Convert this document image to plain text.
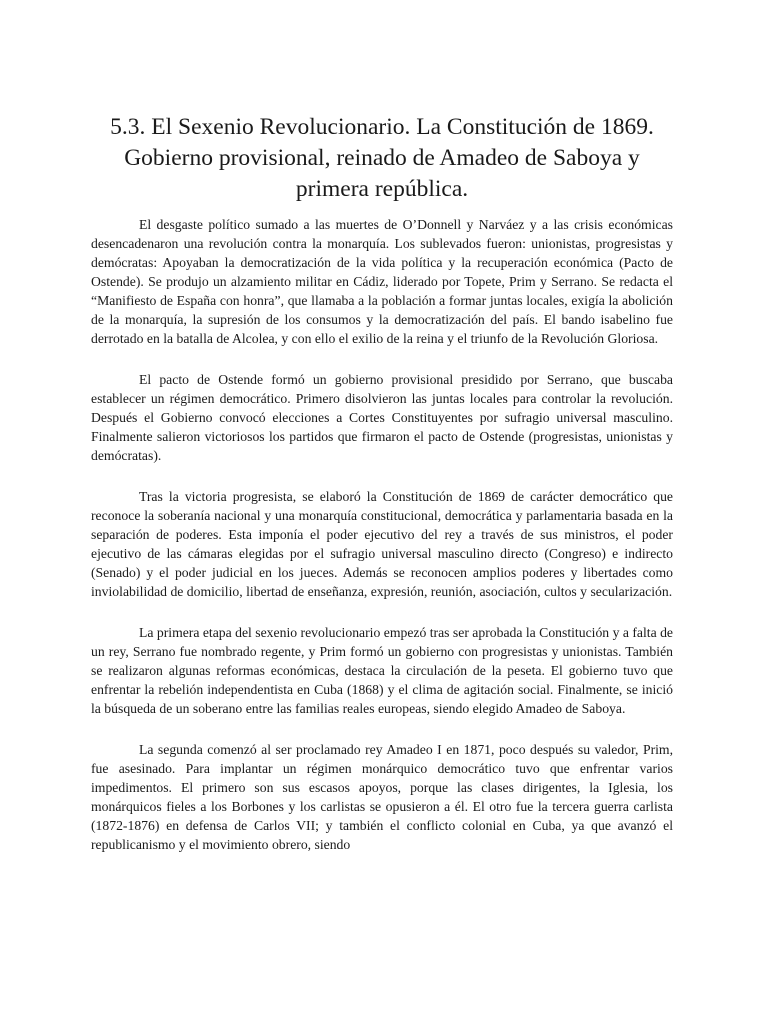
5.3. El Sexenio Revolucionario. La Constitución de 1869. Gobierno provisional, reinado de Amadeo de Saboya y primera república.

El desgaste político sumado a las muertes de O’Donnell y Narváez y a las crisis económicas desencadenaron una revolución contra la monarquía. Los sublevados fueron: unionistas, progresistas y demócratas: Apoyaban la democratización de la vida política y la recuperación económica (Pacto de Ostende). Se produjo un alzamiento militar en Cádiz, liderado por Topete, Prim y Serrano. Se redacta el “Manifiesto de España con honra”, que llamaba a la población a formar juntas locales, exigía la abolición de la monarquía, la supresión de los consumos y la democratización del país. El bando isabelino fue derrotado en la batalla de Alcolea, y con ello el exilio de la reina y el triunfo de la Revolución Gloriosa.

El pacto de Ostende formó un gobierno provisional presidido por Serrano, que buscaba establecer un régimen democrático. Primero disolvieron las juntas locales para controlar la revolución. Después el Gobierno convocó elecciones a Cortes Constituyentes por sufragio universal masculino. Finalmente salieron victoriosos los partidos que firmaron el pacto de Ostende (progresistas, unionistas y demócratas).

Tras la victoria progresista, se elaboró la Constitución de 1869 de carácter democrático que reconoce la soberanía nacional y una monarquía constitucional, democrática y parlamentaria basada en la separación de poderes. Esta imponía el poder ejecutivo del rey a través de sus ministros, el poder ejecutivo de las cámaras elegidas por el sufragio universal masculino directo (Congreso) e indirecto (Senado) y el poder judicial en los jueces. Además se reconocen amplios poderes y libertades como inviolabilidad de domicilio, libertad de enseñanza, expresión, reunión, asociación, cultos y secularización.

La primera etapa del sexenio revolucionario empezó tras ser aprobada la Constitución y a falta de un rey, Serrano fue nombrado regente, y Prim formó un gobierno con progresistas y unionistas. También se realizaron algunas reformas económicas, destaca la circulación de la peseta. El gobierno tuvo que enfrentar la rebelión independentista en Cuba (1868) y el clima de agitación social. Finalmente, se inició la búsqueda de un soberano entre las familias reales europeas, siendo elegido Amadeo de Saboya.

La segunda comenzó al ser proclamado rey Amadeo I en 1871, poco después su valedor, Prim, fue asesinado. Para implantar un régimen monárquico democrático tuvo que enfrentar varios impedimentos. El primero son sus escasos apoyos, porque las clases dirigentes, la Iglesia, los monárquicos fieles a los Borbones y los carlistas se opusieron a él. El otro fue la tercera guerra carlista (1872-1876) en defensa de Carlos VII; y también el conflicto colonial en Cuba, ya que avanzó el republicanismo y el movimiento obrero, siendo
